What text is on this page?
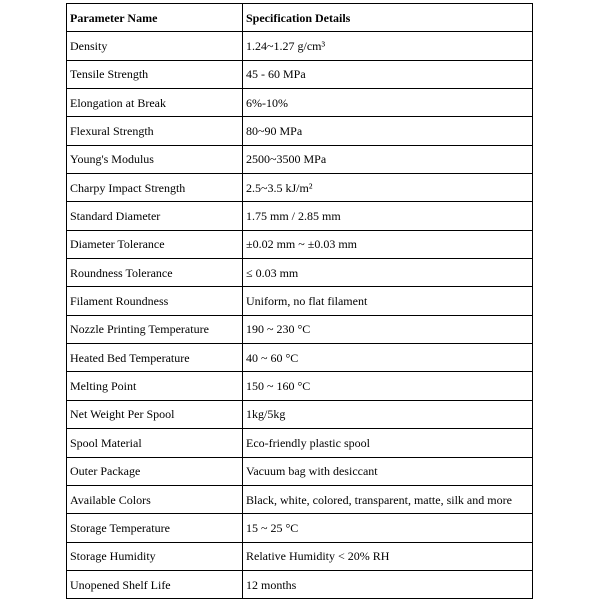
Parameter Name	Specification Details
Density	1.24~1.27 g/cm³
Tensile Strength	45 - 60 MPa
Elongation at Break	6%-10%
Flexural Strength	80~90 MPa
Young's Modulus	2500~3500 MPa
Charpy Impact Strength	2.5~3.5 kJ/m²
Standard Diameter	1.75 mm / 2.85 mm
Diameter Tolerance	±0.02 mm ~ ±0.03 mm
Roundness Tolerance	≤ 0.03 mm
Filament Roundness	Uniform, no flat filament
Nozzle Printing Temperature	190 ~ 230 °C
Heated Bed Temperature	40 ~ 60 °C
Melting Point	150 ~ 160 °C
Net Weight Per Spool	1kg/5kg
Spool Material	Eco-friendly plastic spool
Outer Package	Vacuum bag with desiccant
Available Colors	Black, white, colored, transparent, matte, silk and more
Storage Temperature	15 ~ 25 °C
Storage Humidity	Relative Humidity < 20% RH
Unopened Shelf Life	12 months
